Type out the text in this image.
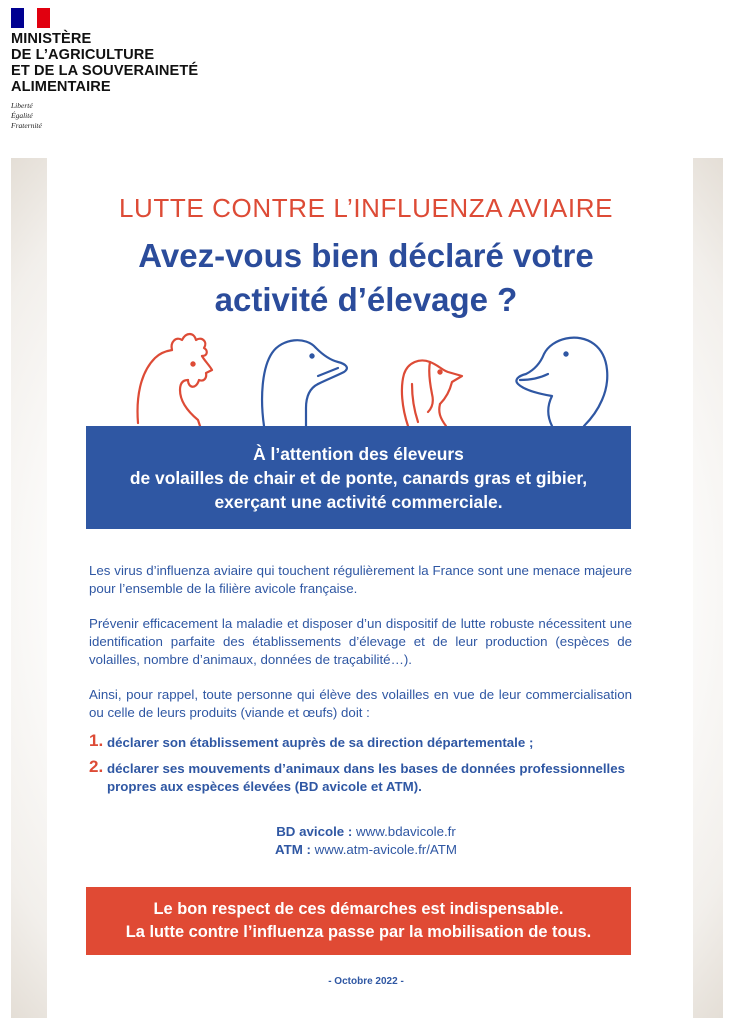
MINISTÈRE
DE L’AGRICULTURE
ET DE LA SOUVERAINETÉ
ALIMENTAIRE
Liberté
Égalité
Fraternité
LUTTE CONTRE L’INFLUENZA AVIAIRE
Avez-vous bien déclaré votre
activité d’élevage ?
À l’attention des éleveurs
de volailles de chair et de ponte, canards gras et gibier,
exerçant une activité commerciale.

Les virus d’influenza aviaire qui touchent régulièrement la France sont une menace majeure pour l’ensemble de la filière avicole française.

Prévenir efficacement la maladie et disposer d’un dispositif de lutte robuste nécessitent une identification parfaite des établissements d’élevage et de leur production (espèces de volailles, nombre d’animaux, données de traçabilité…).

Ainsi, pour rappel, toute personne qui élève des volailles en vue de leur commercialisation ou celle de leurs produits (viande et œufs) doit :

1. déclarer son établissement auprès de sa direction départementale ;
2. déclarer ses mouvements d’animaux dans les bases de données professionnelles propres aux espèces élevées (BD avicole et ATM).
BD avicole : www.bdavicole.fr
ATM : www.atm-avicole.fr/ATM
Le bon respect de ces démarches est indispensable.
La lutte contre l’influenza passe par la mobilisation de tous.
- Octobre 2022 -
